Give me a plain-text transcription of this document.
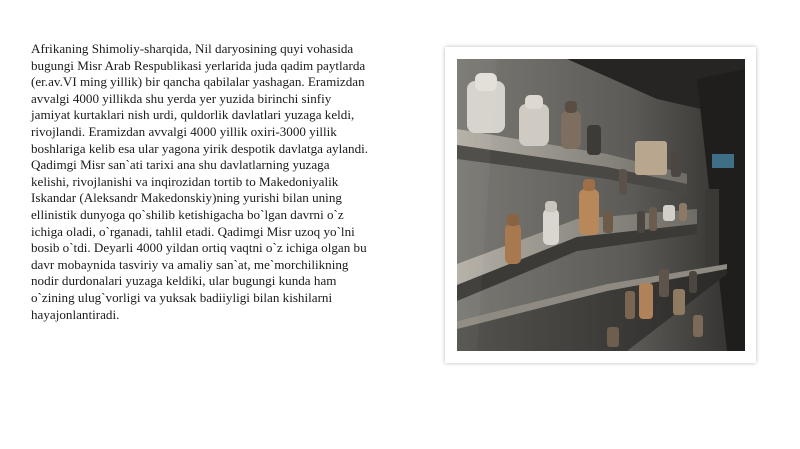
Afrikaning Shimoliy-sharqida, Nil daryosining quyi vohasida
bugungi Misr Arab Respublikasi yerlarida juda qadim paytlarda
(er.av.VI ming yillik) bir qancha qabilalar yashagan. Eramizdan
avvalgi 4000 yillikda shu yerda yer yuzida birinchi sinfiy
jamiyat kurtaklari nish urdi, quldorlik davlatlari yuzaga keldi,
rivojlandi. Eramizdan avvalgi 4000 yillik oxiri-3000 yillik
boshlariga kelib esa ular yagona yirik despotik davlatga aylandi.
Qadimgi Misr san`ati tarixi ana shu davlatlarning yuzaga
kelishi, rivojlanishi va inqirozidan tortib to Makedoniyalik
Iskandar (Aleksandr Makedonskiy)ning yurishi bilan uning
ellinistik dunyoga qo`shilib ketishigacha bo`lgan davrni o`z
ichiga oladi, o`rganadi, tahlil etadi. Qadimgi Misr uzoq yo`lni
bosib o`tdi. Deyarli 4000 yildan ortiq vaqtni o`z ichiga olgan bu
davr mobaynida tasviriy va amaliy san`at, me`morchilikning
nodir durdonalari yuzaga keldiki, ular bugungi kunda ham
o`zining ulug`vorligi va yuksak badiiyligi bilan kishilarni
hayajonlantiradi.
